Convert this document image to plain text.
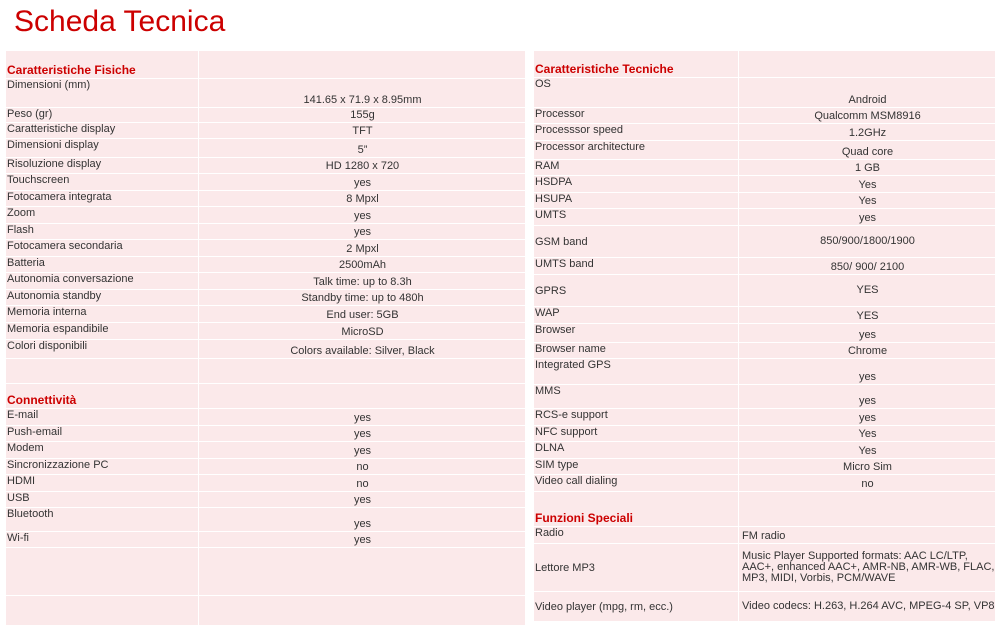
Scheda Tecnica
Caratteristiche Fisiche	
Dimensioni (mm)	141.65 x 71.9 x 8.95mm
Peso (gr)	155g
Caratteristiche display	TFT
Dimensioni display	5”
Risoluzione display	HD 1280 x 720
Touchscreen	yes
Fotocamera integrata	8 Mpxl
Zoom	yes
Flash	yes
Fotocamera secondaria	2 Mpxl
Batteria	2500mAh
Autonomia conversazione	Talk time: up to 8.3h
Autonomia standby	Standby time: up to 480h
Memoria interna	End user: 5GB
Memoria espandibile	MicroSD
Colori disponibili	Colors available: Silver, Black

Connettività	
E-mail	yes
Push-email	yes
Modem	yes
Sincronizzazione PC	no
HDMI	no
USB	yes
Bluetooth	yes
Wi-fi	yes

Caratteristiche Tecniche	
OS	Android
Processor	Qualcomm MSM8916
Processsor speed	1.2GHz
Processor architecture	Quad core
RAM	1 GB
HSDPA	Yes
HSUPA	Yes
UMTS	yes
GSM band	850/900/1800/1900
UMTS band	850/ 900/ 2100
GPRS	YES
WAP	YES
Browser	yes
Browser name	Chrome
Integrated GPS	yes
MMS	yes
RCS-e support	yes
NFC support	Yes
DLNA	Yes
SIM type	Micro Sim
Video call dialing	no
Funzioni Speciali	
Radio	FM radio
Lettore MP3	Music Player Supported formats: AAC LC/LTP, AAC+, enhanced AAC+, AMR-NB, AMR-WB, FLAC, MP3, MIDI, Vorbis, PCM/WAVE
Video player (mpg, rm, ecc.)	Video codecs: H.263, H.264 AVC, MPEG-4 SP, VP8
